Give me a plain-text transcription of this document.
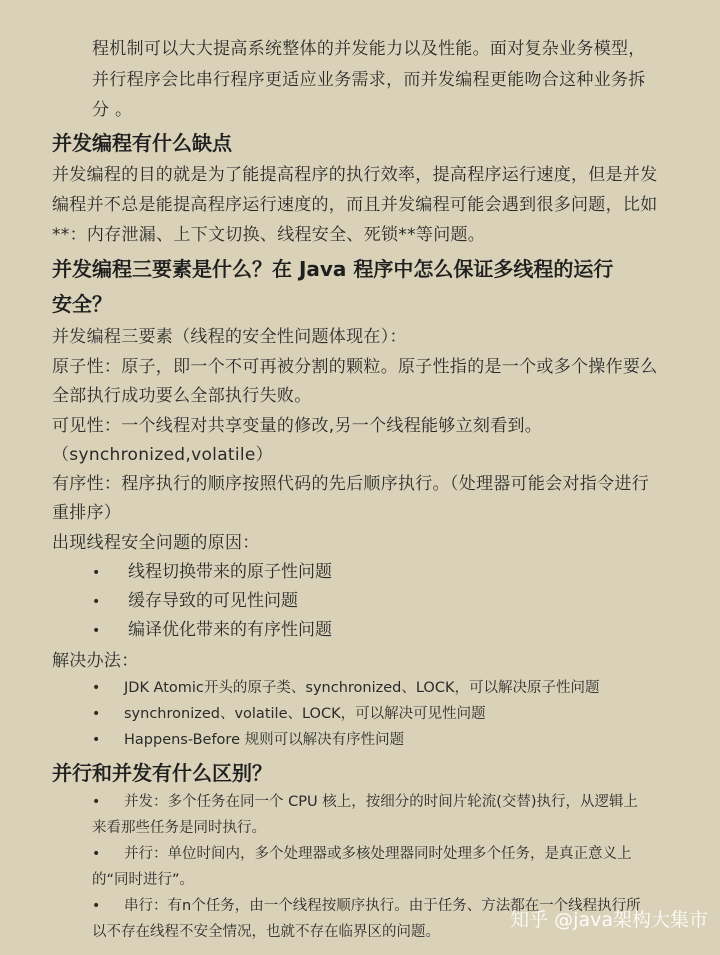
程机制可以大大提高系统整体的并发能力以及性能。面对复杂业务模型，
并行程序会比串行程序更适应业务需求，而并发编程更能吻合这种业务拆
分 。
并发编程有什么缺点
并发编程的目的就是为了能提高程序的执行效率，提高程序运行速度，但是并发
编程并不总是能提高程序运行速度的，而且并发编程可能会遇到很多问题，比如
**：内存泄漏、上下文切换、线程安全、死锁**等问题。
并发编程三要素是什么？在 Java 程序中怎么保证多线程的运行
安全？
并发编程三要素（线程的安全性问题体现在）：
原子性：原子，即一个不可再被分割的颗粒。原子性指的是一个或多个操作要么
全部执行成功要么全部执行失败。
可见性：一个线程对共享变量的修改,另一个线程能够立刻看到。
（synchronized,volatile）
有序性：程序执行的顺序按照代码的先后顺序执行。（处理器可能会对指令进行
重排序）
出现线程安全问题的原因：
• 线程切换带来的原子性问题
• 缓存导致的可见性问题
• 编译优化带来的有序性问题
解决办法：
• JDK Atomic开头的原子类、synchronized、LOCK，可以解决原子性问题
• synchronized、volatile、LOCK，可以解决可见性问题
• Happens-Before 规则可以解决有序性问题
并行和并发有什么区别？
• 并发：多个任务在同一个 CPU 核上，按细分的时间片轮流(交替)执行，从逻辑上
来看那些任务是同时执行。
• 并行：单位时间内，多个处理器或多核处理器同时处理多个任务，是真正意义上
的“同时进行”。
• 串行：有n个任务，由一个线程按顺序执行。由于任务、方法都在一个线程执行所
以不存在线程不安全情况，也就不存在临界区的问题。
知乎 @java架构大集市
